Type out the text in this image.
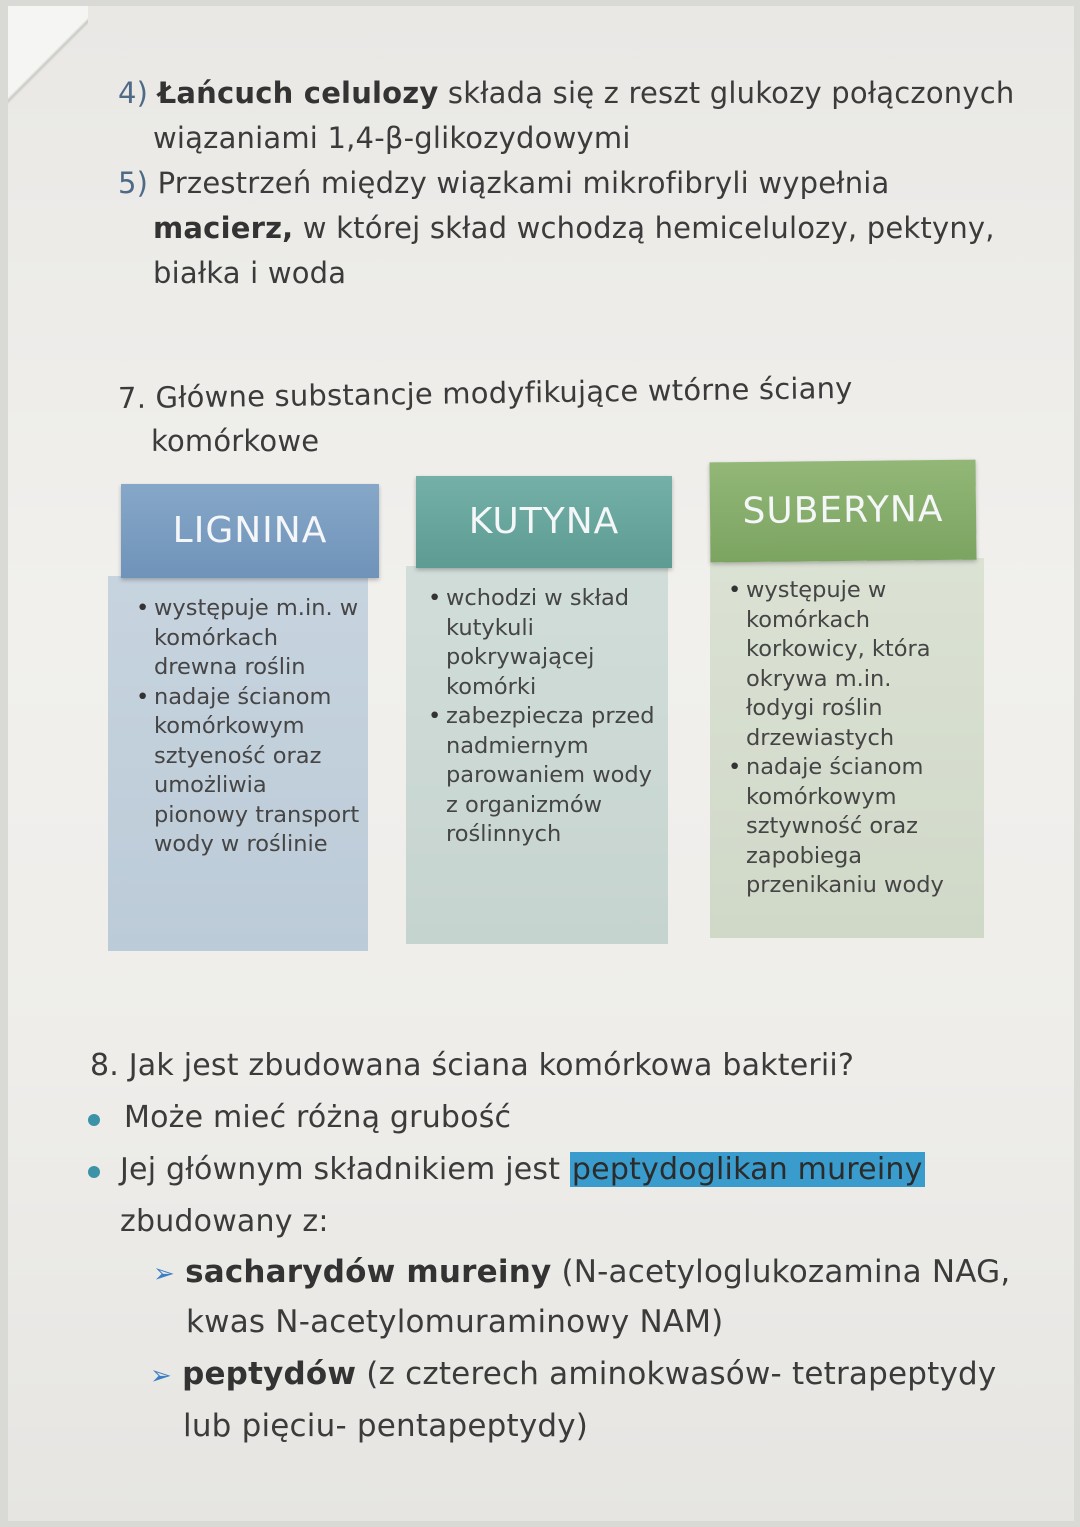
4) Łańcuch celulozy składa się z reszt glukozy połączonych
wiązaniami 1,4-β-glikozydowymi
5) Przestrzeń między wiązkami mikrofibryli wypełnia
macierz, w której skład wchodzą hemicelulozy, pektyny,
białka i woda
7. Główne substancje modyfikujące wtórne ściany
komórkowe
• występuje m.in. w
komórkach
drewna roślin
• nadaje ścianom
komórkowym
sztyeność oraz
umożliwia
pionowy transport
wody w roślinie
LIGNINA
• wchodzi w skład
kutykuli
pokrywającej
komórki
• zabezpiecza przed
nadmiernym
parowaniem wody
z organizmów
roślinnych
KUTYNA
• występuje w
komórkach
korkowicy, która
okrywa m.in.
łodygi roślin
drzewiastych
• nadaje ścianom
komórkowym
sztywność oraz
zapobiega
przenikaniu wody
SUBERYNA
8. Jak jest zbudowana ściana komórkowa bakterii?
Może mieć różną grubość
Jej głównym składnikiem jest peptydoglikan mureiny
zbudowany z:
➢ sacharydów mureiny (N-acetyloglukozamina NAG,
kwas N-acetylomuraminowy NAM)
➢ peptydów (z czterech aminokwasów- tetrapeptydy
lub pięciu- pentapeptydy)
